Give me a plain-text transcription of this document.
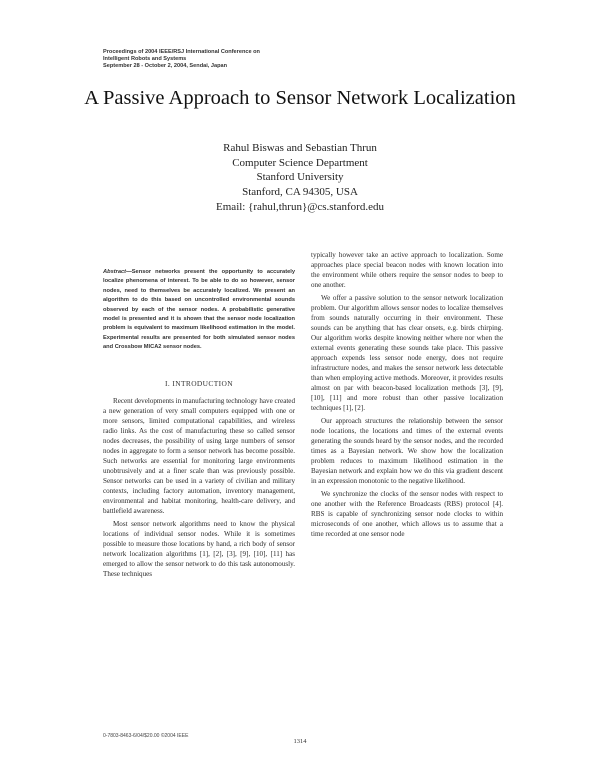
Proceedings of 2004 IEEE/RSJ International Conference on
Intelligent Robots and Systems
September 28 - October 2, 2004, Sendai, Japan
A Passive Approach to Sensor Network Localization
Rahul Biswas and Sebastian Thrun
Computer Science Department
Stanford University
Stanford, CA 94305, USA
Email: {rahul,thrun}@cs.stanford.edu

Abstract—Sensor networks present the opportunity to accurately localize phenomena of interest. To be able to do so however, sensor nodes, need to themselves be accurately localized. We present an algorithm to do this based on uncontrolled environmental sounds observed by each of the sensor nodes. A probabilistic generative model is presented and it is shown that the sensor node localization problem is equivalent to maximum likelihood estimation in the model. Experimental results are presented for both simulated sensor nodes and Crossbow MICA2 sensor nodes.

I. INTRODUCTION

Recent developments in manufacturing technology have created a new generation of very small computers equipped with one or more sensors, limited computational capabilities, and wireless radio links. As the cost of manufacturing these so called sensor nodes decreases, the possibility of using large numbers of sensor nodes in aggregate to form a sensor network has become possible. Such networks are essential for monitoring large environments unobtrusively and at a finer scale than was previously possible. Sensor networks can be used in a variety of civilian and military contexts, including factory automation, inventory management, environmental and habitat monitoring, health-care delivery, and battlefield awareness.

Most sensor network algorithms need to know the physical locations of individual sensor nodes. While it is sometimes possible to measure those locations by hand, a rich body of sensor network localization algorithms [1], [2], [3], [9], [10], [11] has emerged to allow the sensor network to do this task autonomously. These techniques

typically however take an active approach to localization. Some approaches place special beacon nodes with known location into the environment while others require the sensor nodes to beep to one another.

We offer a passive solution to the sensor network localization problem. Our algorithm allows sensor nodes to localize themselves from sounds naturally occurring in their environment. These sounds can be anything that has clear onsets, e.g. birds chirping. Our algorithm works despite knowing neither where nor when the external events generating these sounds take place. This passive approach expends less sensor node energy, does not require infrastructure nodes, and makes the sensor network less detectable than when employing active methods. Moreover, it provides results almost on par with beacon-based localization methods [3], [9], [10], [11] and more robust than other passive localization techniques [1], [2].

Our approach structures the relationship between the sensor node locations, the locations and times of the external events generating the sounds heard by the sensor nodes, and the recorded times as a Bayesian network. We show how the localization problem reduces to maximum likelihood estimation in the Bayesian network and explain how we do this via gradient descent in an expression monotonic to the negative likelihood.

We synchronize the clocks of the sensor nodes with respect to one another with the Reference Broadcasts (RBS) protocol [4]. RBS is capable of synchronizing sensor node clocks to within microseconds of one another, which allows us to assume that a time recorded at one sensor node

0-7803-8463-6/04/$20.00 ©2004 IEEE
1314
